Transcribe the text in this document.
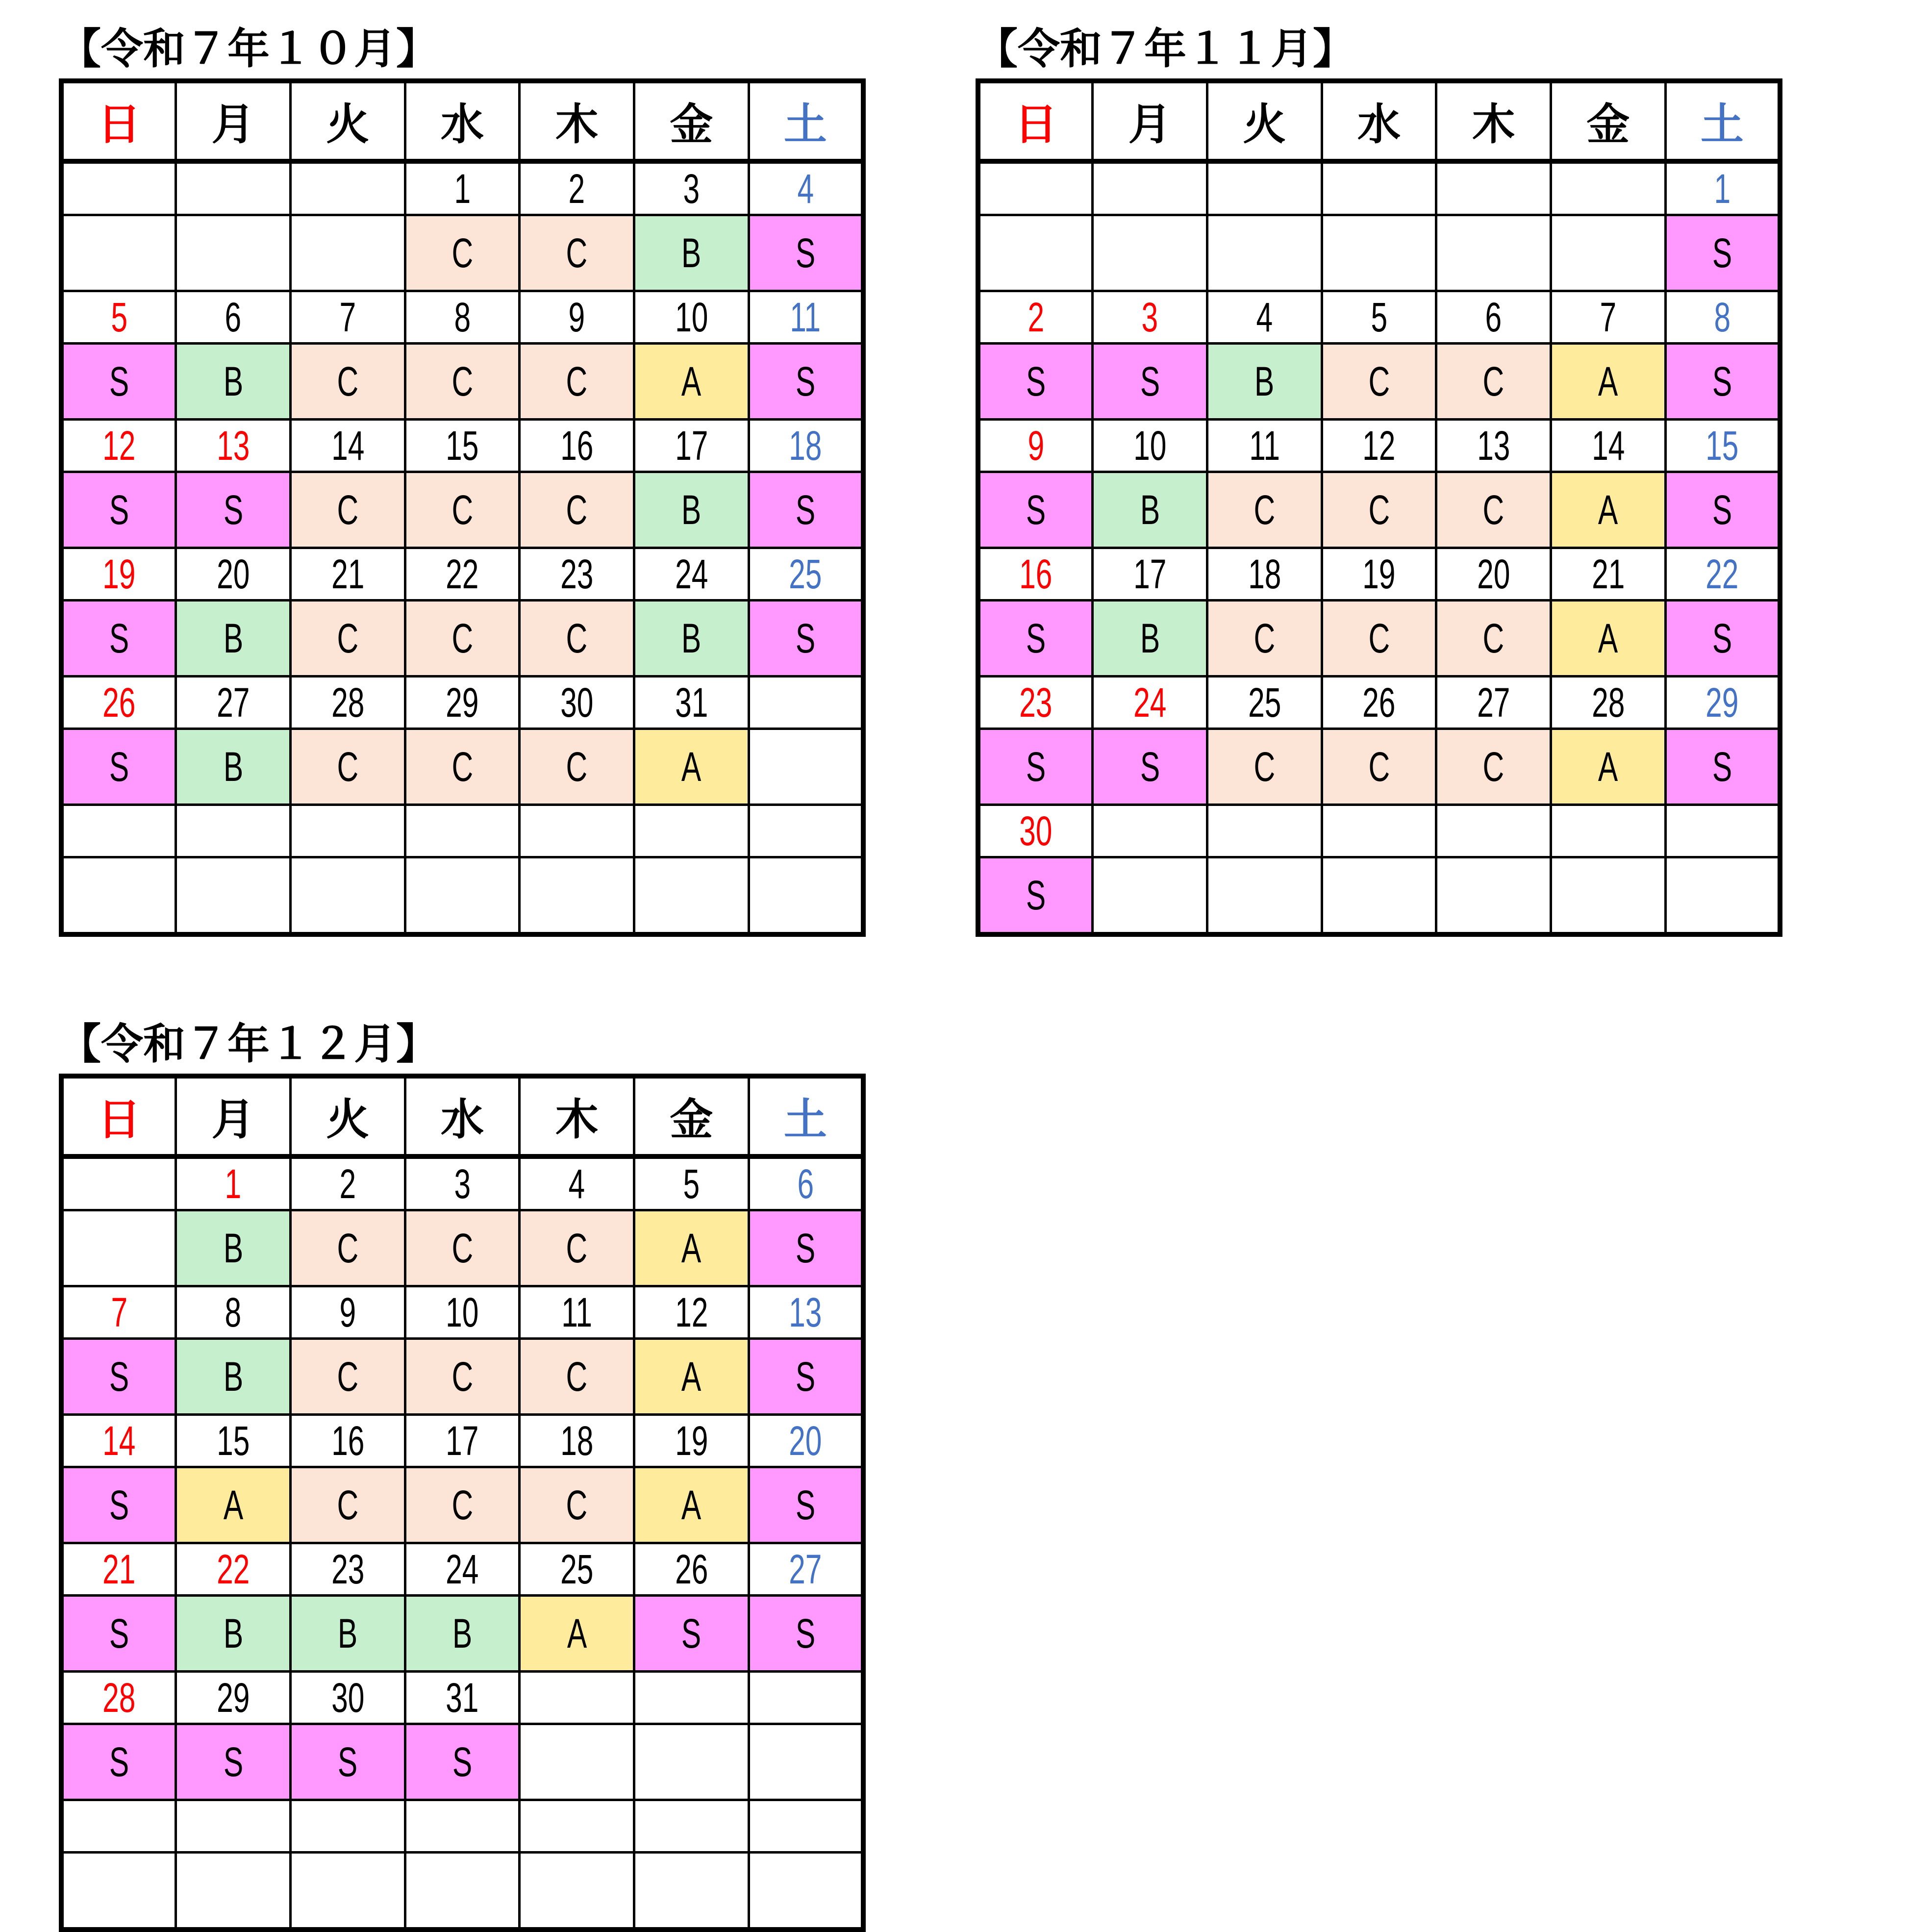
【令和７年１０月】
日	月	火	水	木	金	土
			1	2	3	4
			C	C	B	S
5	6	7	8	9	10	11
S	B	C	C	C	A	S
12	13	14	15	16	17	18
S	S	C	C	C	B	S
19	20	21	22	23	24	25
S	B	C	C	C	B	S
26	27	28	29	30	31	
S	B	C	C	C	A	

【令和７年１１月】
日	月	火	水	木	金	土
						1
						S
2	3	4	5	6	7	8
S	S	B	C	C	A	S
9	10	11	12	13	14	15
S	B	C	C	C	A	S
16	17	18	19	20	21	22
S	B	C	C	C	A	S
23	24	25	26	27	28	29
S	S	C	C	C	A	S
30						
S						
【令和７年１２月】
日	月	火	水	木	金	土
	1	2	3	4	5	6
	B	C	C	C	A	S
7	8	9	10	11	12	13
S	B	C	C	C	A	S
14	15	16	17	18	19	20
S	A	C	C	C	A	S
21	22	23	24	25	26	27
S	B	B	B	A	S	S
28	29	30	31			
S	S	S	S			
